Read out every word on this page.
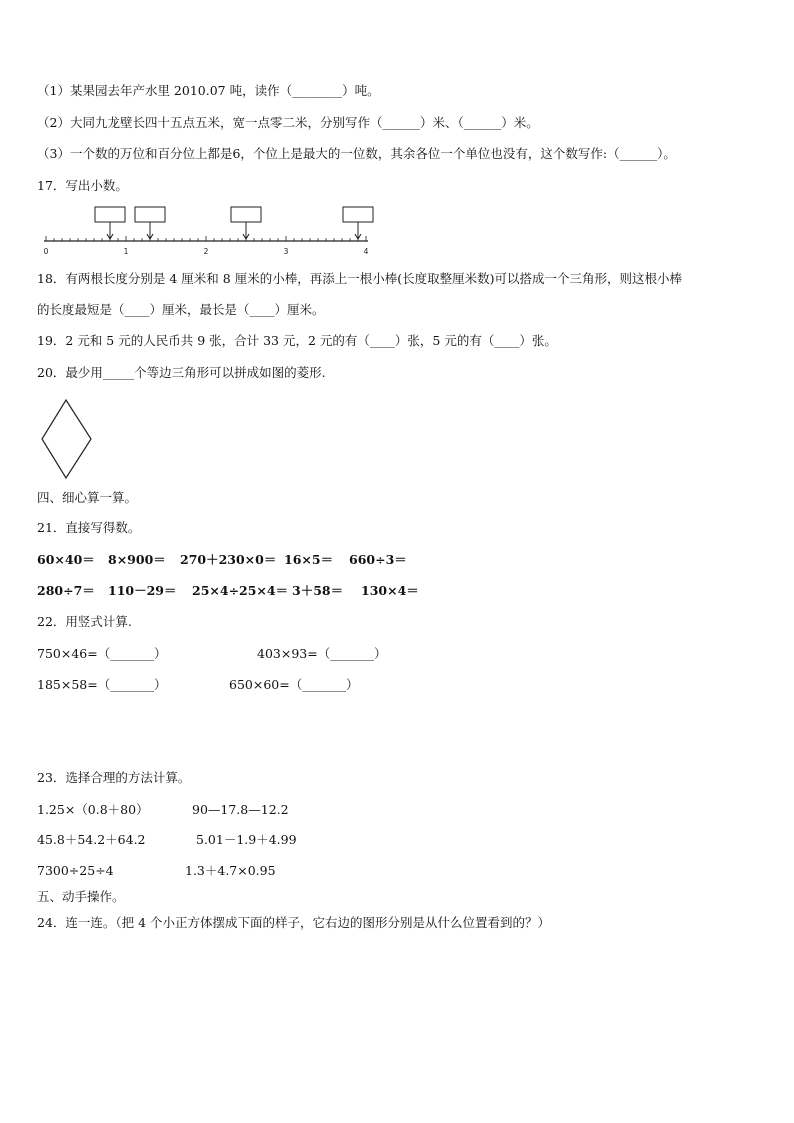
（1）某果园去年产水里 2010.07 吨，读作（________）吨。
（2）大同九龙壁长四十五点五米，宽一点零二米，分别写作（______）米、（______）米。
（3）一个数的万位和百分位上都是6，个位上是最大的一位数，其余各位一个单位也没有，这个数写作:（______）。
17．写出小数。
0	1	2	3	4
18．有两根长度分别是 4 厘米和 8 厘米的小棒，再添上一根小棒(长度取整厘米数)可以搭成一个三角形，则这根小棒
的长度最短是（____）厘米，最长是（____）厘米。
19．2 元和 5 元的人民币共 9 张，合计 33 元，2 元的有（____）张，5 元的有（____）张。
20．最少用_____个等边三角形可以拼成如图的菱形.
四、细心算一算。
21．直接写得数。
60×40＝ 8×900＝ 270＋230×0＝ 16×5＝ 660÷3＝
280÷7＝ 110－29＝ 25×4÷25×4＝ 3＋58＝ 130×4＝
22．用竖式计算.
750×46=（_______）	403×93=（_______）
185×58=（_______）	650×60=（_______）
23．选择合理的方法计算。
1.25×（0.8＋80）	90—17.8—12.2
45.8＋54.2＋64.2	5.01－1.9＋4.99
7300÷25÷4	1.3＋4.7×0.95
五、动手操作。
24．连一连。（把 4 个小正方体摆成下面的样子，它右边的图形分别是从什么位置看到的？）
